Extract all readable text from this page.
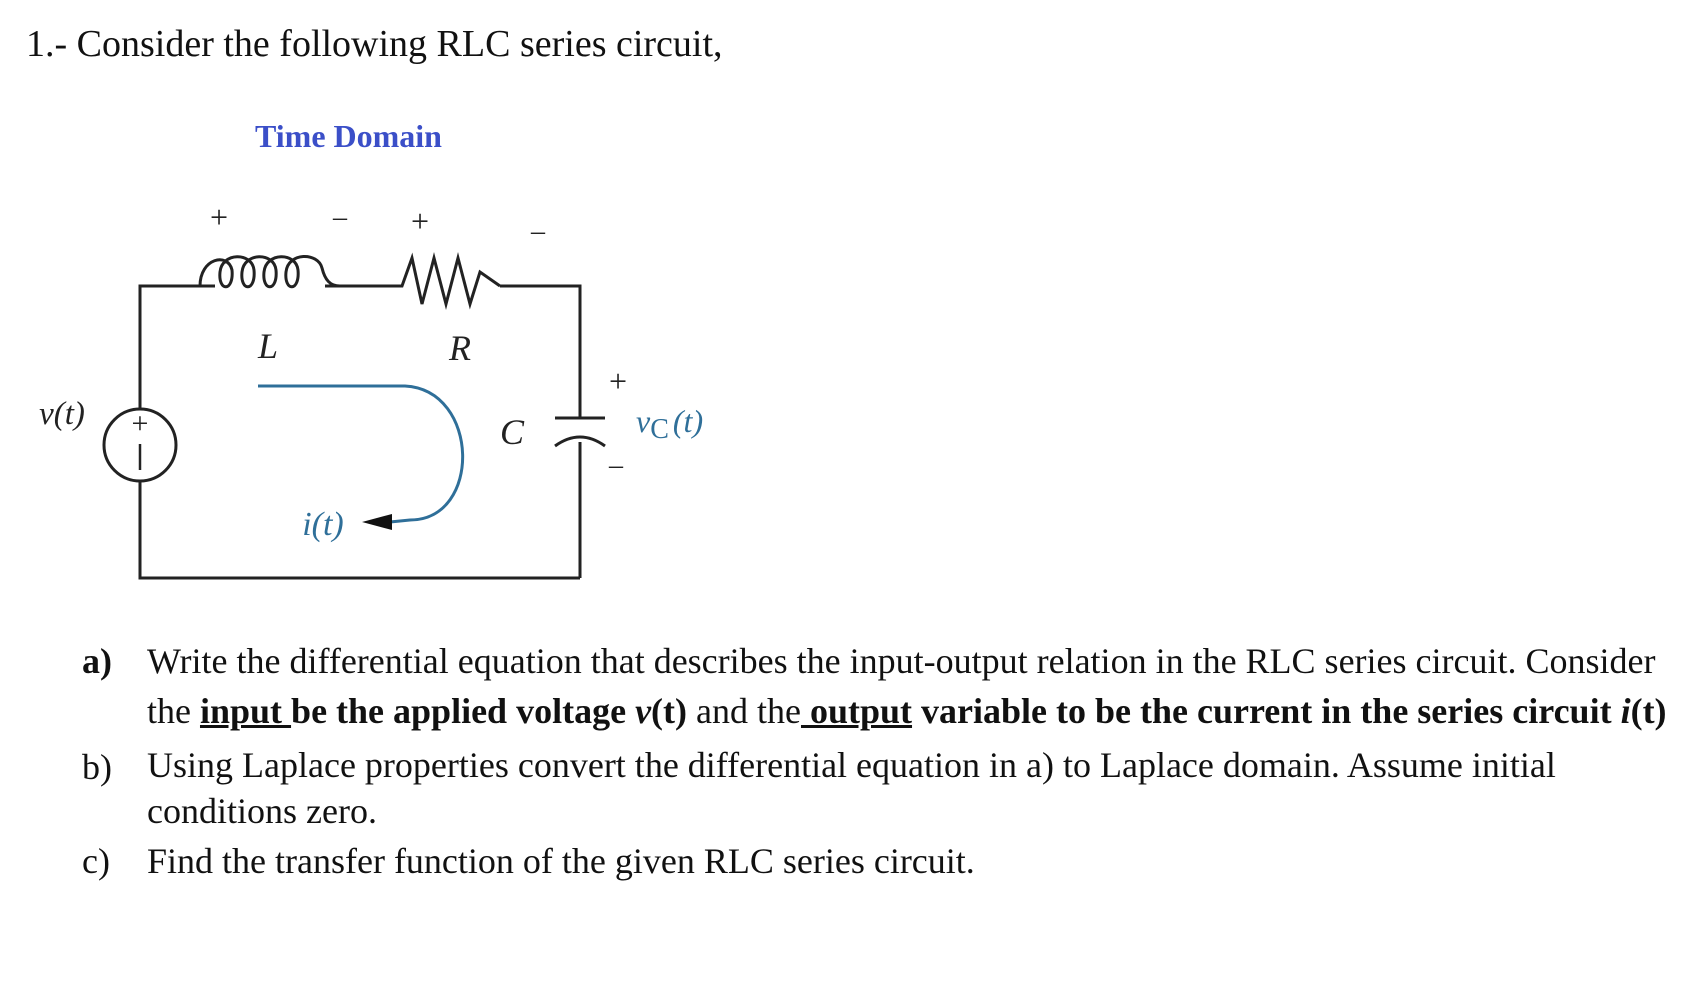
1.- Consider the following RLC series circuit,
Time Domain
+
+	– +	–
+
–
L	R
C
v(t)	vC (t)
i(t)
a) Write the differential equation that describes the input-output relation in the RLC series circuit. Consider the input be the applied voltage v(t) and the output variable to be the current in the series circuit i(t)
b) Using Laplace properties convert the differential equation in a) to Laplace domain. Assume initial conditions zero.
c) Find the transfer function of the given RLC series circuit.
